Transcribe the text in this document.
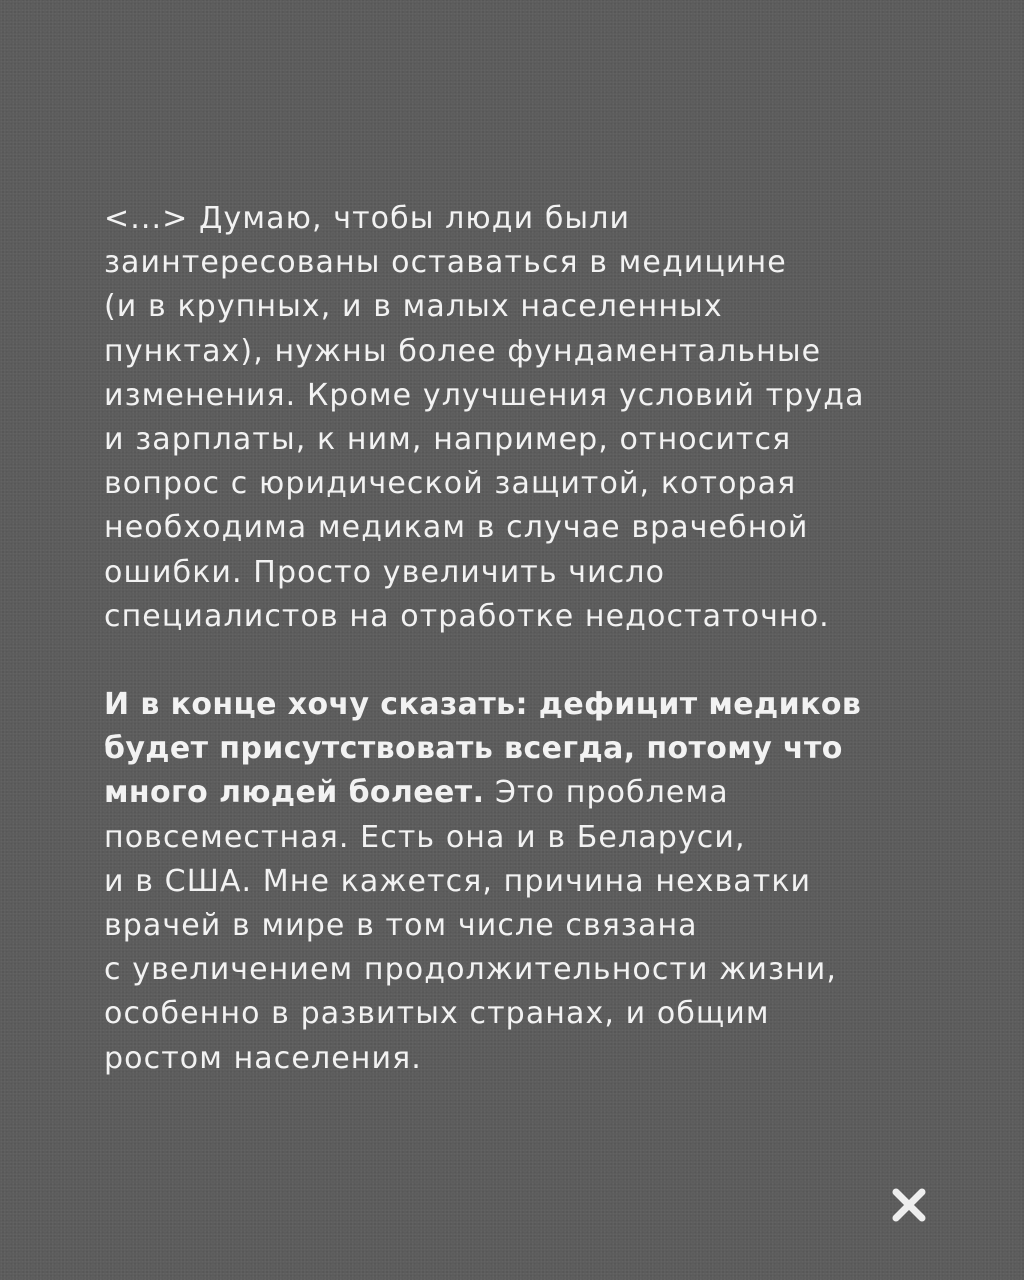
<...> Думаю, чтобы люди были
заинтересованы оставаться в медицине
(и в крупных, и в малых населенных
пунктах), нужны более фундаментальные
изменения. Кроме улучшения условий труда
и зарплаты, к ним, например, относится
вопрос с юридической защитой, которая
необходима медикам в случае врачебной
ошибки. Просто увеличить число
специалистов на отработке недостаточно.

И в конце хочу сказать: дефицит медиков
будет присутствовать всегда, потому что
много людей болеет. Это проблема
повсеместная. Есть она и в Беларуси,
и в США. Мне кажется, причина нехватки
врачей в мире в том числе связана
с увеличением продолжительности жизни,
особенно в развитых странах, и общим
ростом населения.
